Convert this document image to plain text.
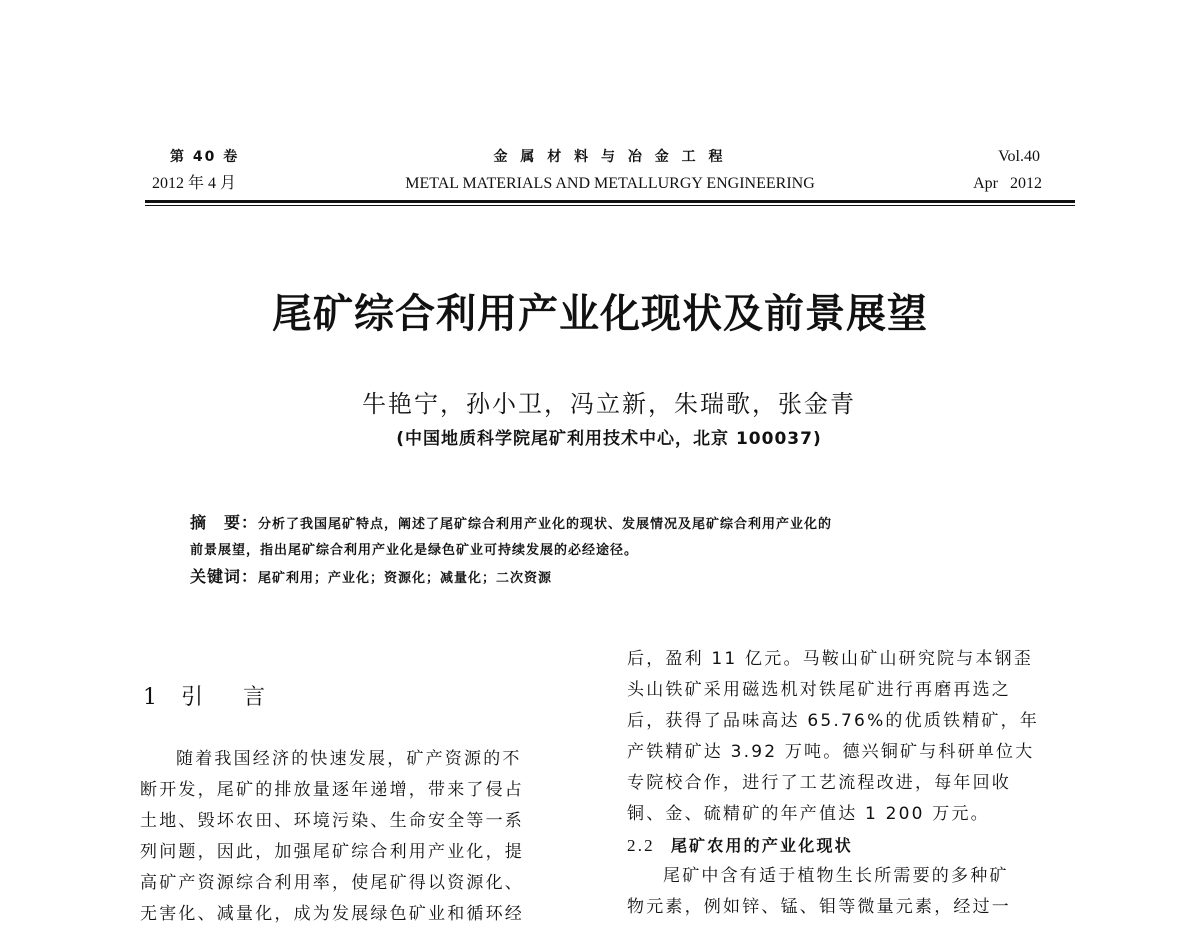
第 40 卷
2012 年 4 月
金 属 材 料 与 冶 金 工 程
METAL MATERIALS AND METALLURGY ENGINEERING
Vol.40
Apr   2012
尾矿综合利用产业化现状及前景展望
牛艳宁，孙小卫，冯立新，朱瑞歌，张金青
(中国地质科学院尾矿利用技术中心，北京 100037)
摘　要：分析了我国尾矿特点，阐述了尾矿综合利用产业化的现状、发展情况及尾矿综合利用产业化的
前景展望，指出尾矿综合利用产业化是绿色矿业可持续发展的必经途径。
关键词：尾矿利用；产业化；资源化；减量化；二次资源
1 引 言
随着我国经济的快速发展，矿产资源的不
断开发，尾矿的排放量逐年递增，带来了侵占
土地、毁坏农田、环境污染、生命安全等一系
列问题，因此，加强尾矿综合利用产业化，提
高矿产资源综合利用率，使尾矿得以资源化、
无害化、减量化，成为发展绿色矿业和循环经
后，盈利 11 亿元。马鞍山矿山研究院与本钢歪
头山铁矿采用磁选机对铁尾矿进行再磨再选之
后，获得了品味高达 65.76%的优质铁精矿，年
产铁精矿达 3.92 万吨。德兴铜矿与科研单位大
专院校合作，进行了工艺流程改进，每年回收
铜、金、硫精矿的年产值达 1 200 万元。
2.2 尾矿农用的产业化现状
尾矿中含有适于植物生长所需要的多种矿
物元素，例如锌、锰、钼等微量元素，经过一
